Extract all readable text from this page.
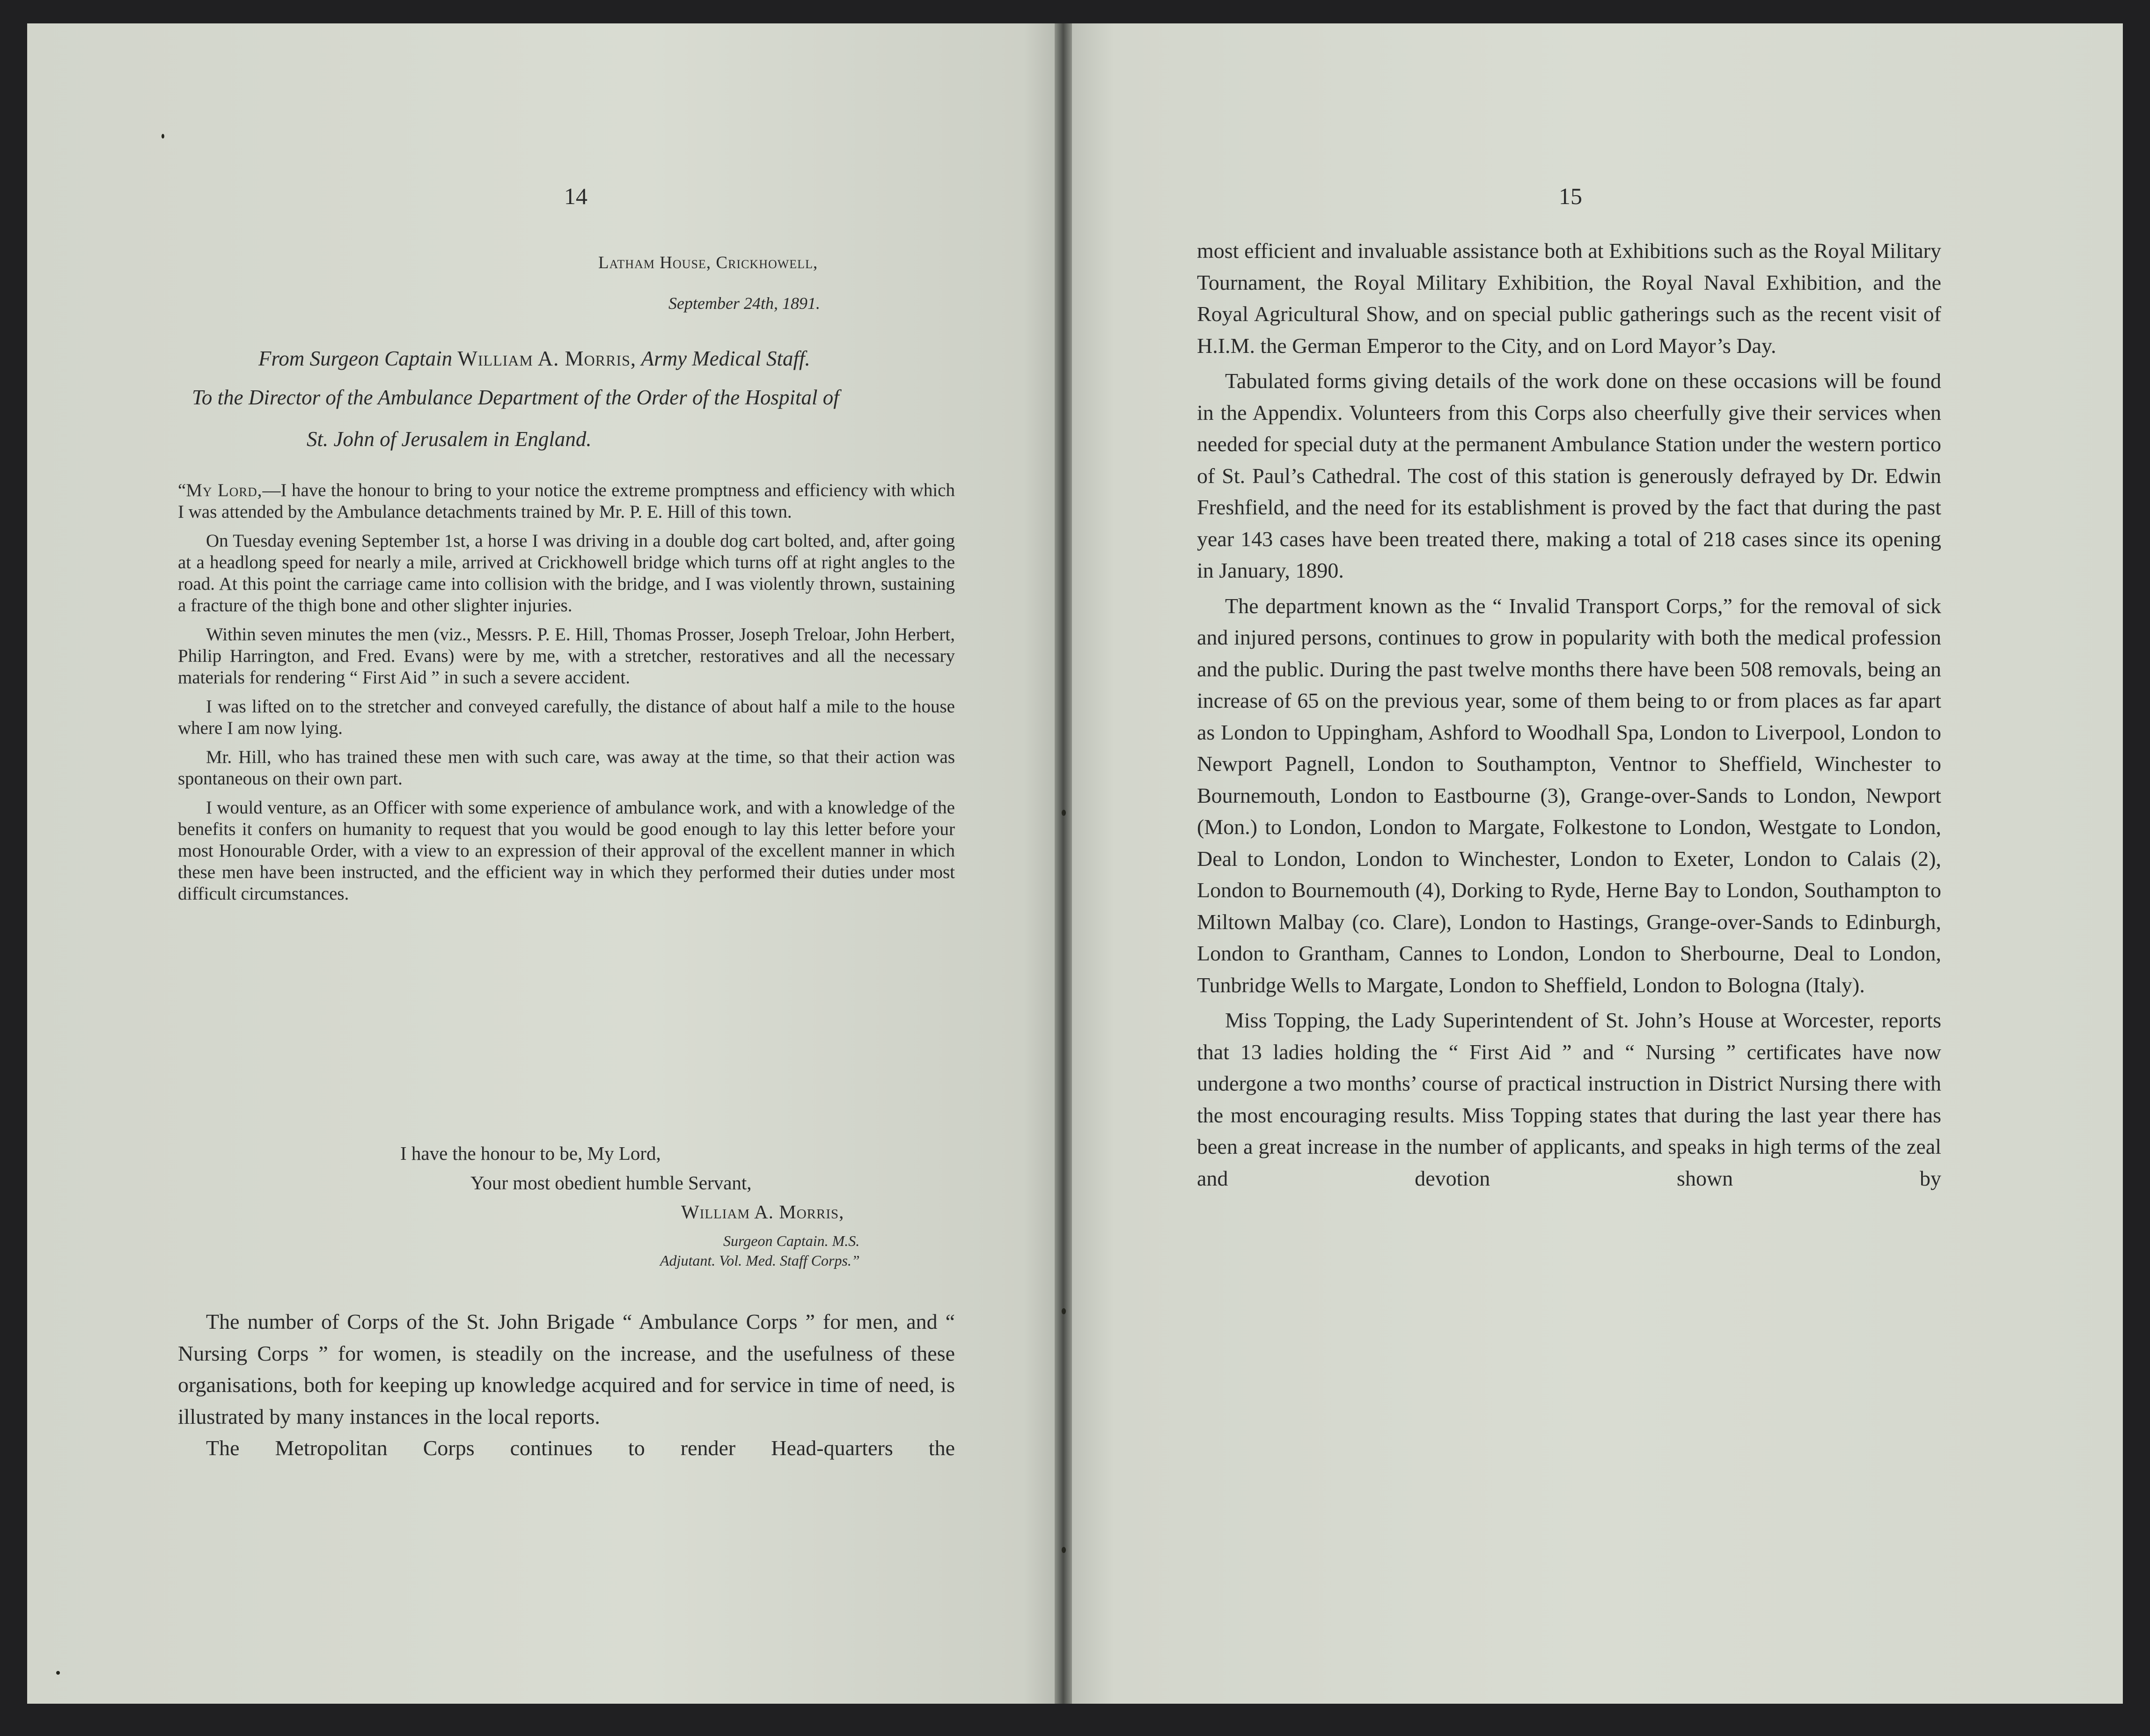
14
Latham House, Crickhowell,
September 24th, 1891.
From Surgeon Captain William A. Morris, Army Medical Staff.
To the Director of the Ambulance Department of the Order of the Hospital of
St. John of Jerusalem in England.

“My Lord,—I have the honour to bring to your notice the extreme promptness and efficiency with which I was attended by the Ambulance detachments trained by Mr. P. E. Hill of this town.

On Tuesday evening September 1st, a horse I was driving in a double dog cart bolted, and, after going at a headlong speed for nearly a mile, arrived at Crickhowell bridge which turns off at right angles to the road. At this point the carriage came into collision with the bridge, and I was violently thrown, sustaining a fracture of the thigh bone and other slighter injuries.

Within seven minutes the men (viz., Messrs. P. E. Hill, Thomas Prosser, Joseph Treloar, John Herbert, Philip Harrington, and Fred. Evans) were by me, with a stretcher, restoratives and all the necessary materials for rendering “ First Aid ” in such a severe accident.

I was lifted on to the stretcher and conveyed carefully, the distance of about half a mile to the house where I am now lying.

Mr. Hill, who has trained these men with such care, was away at the time, so that their action was spontaneous on their own part.

I would venture, as an Officer with some experience of ambulance work, and with a knowledge of the benefits it confers on humanity to request that you would be good enough to lay this letter before your most Honourable Order, with a view to an expression of their approval of the excellent manner in which these men have been instructed, and the efficient way in which they performed their duties under most difficult circumstances.

I have the honour to be, My Lord,
Your most obedient humble Servant,
William A. Morris,
Surgeon Captain. M.S.
Adjutant. Vol. Med. Staff Corps.”

The number of Corps of the St. John Brigade “ Ambulance Corps ” for men, and “ Nursing Corps ” for women, is steadily on the increase, and the usefulness of these organisations, both for keeping up knowledge acquired and for service in time of need, is illustrated by many instances in the local reports.

The Metropolitan Corps continues to render Head-quarters the

15

most efficient and invaluable assistance both at Exhibitions such as the Royal Military Tournament, the Royal Military Exhibition, the Royal Naval Exhibition, and the Royal Agricultural Show, and on special public gatherings such as the recent visit of H.I.M. the German Emperor to the City, and on Lord Mayor’s Day.

Tabulated forms giving details of the work done on these occasions will be found in the Appendix. Volunteers from this Corps also cheerfully give their services when needed for special duty at the permanent Ambulance Station under the western portico of St. Paul’s Cathedral. The cost of this station is generously defrayed by Dr. Edwin Freshfield, and the need for its establishment is proved by the fact that during the past year 143 cases have been treated there, making a total of 218 cases since its opening in January, 1890.

The department known as the “ Invalid Transport Corps,” for the removal of sick and injured persons, continues to grow in popularity with both the medical profession and the public. During the past twelve months there have been 508 removals, being an increase of 65 on the previous year, some of them being to or from places as far apart as London to Uppingham, Ashford to Woodhall Spa, London to Liverpool, London to Newport Pagnell, London to Southampton, Ventnor to Sheffield, Winchester to Bournemouth, London to Eastbourne (3), Grange-over-Sands to London, Newport (Mon.) to London, London to Margate, Folkestone to London, Westgate to London, Deal to London, London to Winchester, London to Exeter, London to Calais (2), London to Bournemouth (4), Dorking to Ryde, Herne Bay to London, Southampton to Miltown Malbay (co. Clare), London to Hastings, Grange-over-Sands to Edinburgh, London to Grantham, Cannes to London, London to Sherbourne, Deal to London, Tunbridge Wells to Margate, London to Sheffield, London to Bologna (Italy).

Miss Topping, the Lady Superintendent of St. John’s House at Worcester, reports that 13 ladies holding the “ First Aid ” and “ Nursing ” certificates have now undergone a two months’ course of practical instruction in District Nursing there with the most encouraging results. Miss Topping states that during the last year there has been a great increase in the number of applicants, and speaks in high terms of the zeal and devotion shown by
